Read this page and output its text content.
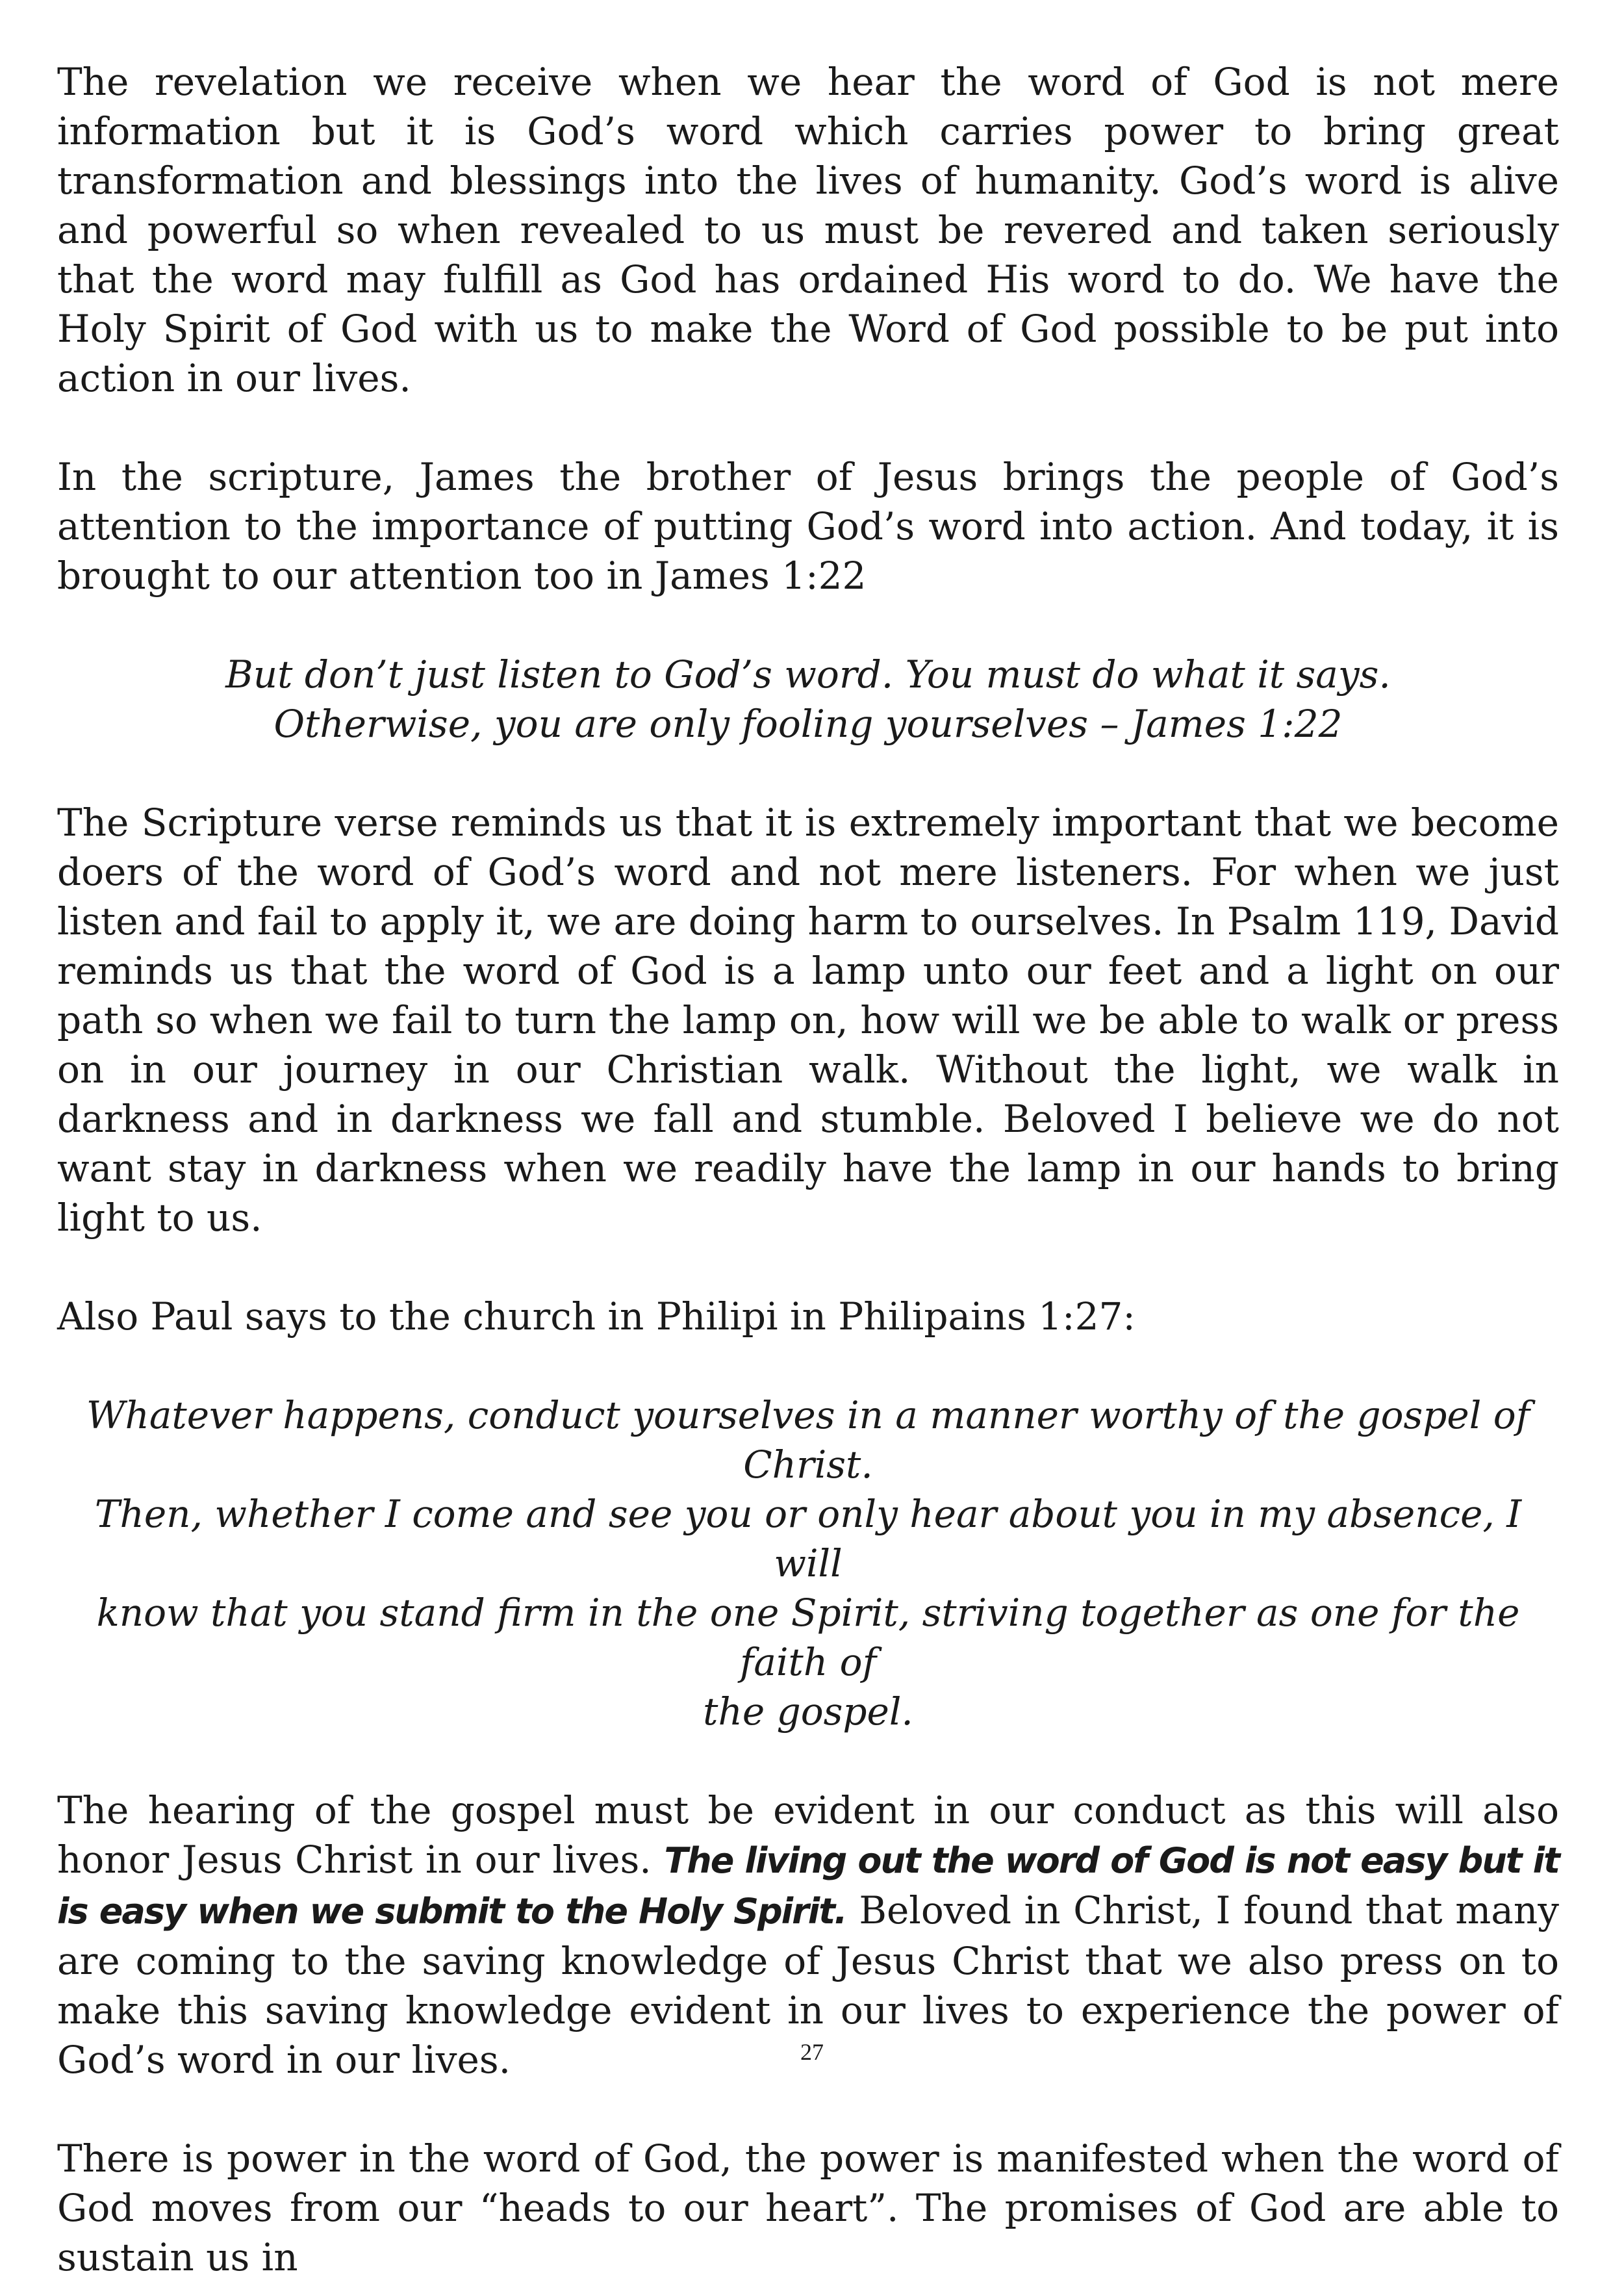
The revelation we receive when we hear the word of God is not mere information but it is God’s word which carries power to bring great transformation and blessings into the lives of humanity. God’s word is alive and powerful so when revealed to us must be revered and taken seriously that the word may fulfill as God has ordained His word to do. We have the Holy Spirit of God with us to make the Word of God possible to be put into action in our lives.

In the scripture, James the brother of Jesus brings the people of God’s attention to the importance of putting God’s word into action. And today, it is brought to our attention too in James 1:22

But don’t just listen to God’s word. You must do what it says.
Otherwise, you are only fooling yourselves – James 1:22

The Scripture verse reminds us that it is extremely important that we become doers of the word of God’s word and not mere listeners. For when we just listen and fail to apply it, we are doing harm to ourselves. In Psalm 119, David reminds us that the word of God is a lamp unto our feet and a light on our path so when we fail to turn the lamp on, how will we be able to walk or press on in our journey in our Christian walk. Without the light, we walk in darkness and in darkness we fall and stumble. Beloved I believe we do not want stay in darkness when we readily have the lamp in our hands to bring light to us.

Also Paul says to the church in Philipi in Philipains 1:27:

Whatever happens, conduct yourselves in a manner worthy of the gospel of Christ.
Then, whether I come and see you or only hear about you in my absence, I will
know that you stand firm in the one Spirit, striving together as one for the faith of
the gospel.

The hearing of the gospel must be evident in our conduct as this will also honor Jesus Christ in our lives. The living out the word of God is not easy but it is easy when we submit to the Holy Spirit. Beloved in Christ, I found that many are coming to the saving knowledge of Jesus Christ that we also press on to make this saving knowledge evident in our lives to experience the power of God’s word in our lives.

There is power in the word of God, the power is manifested when the word of God moves from our “heads to our heart”. The promises of God are able to sustain us in

27
